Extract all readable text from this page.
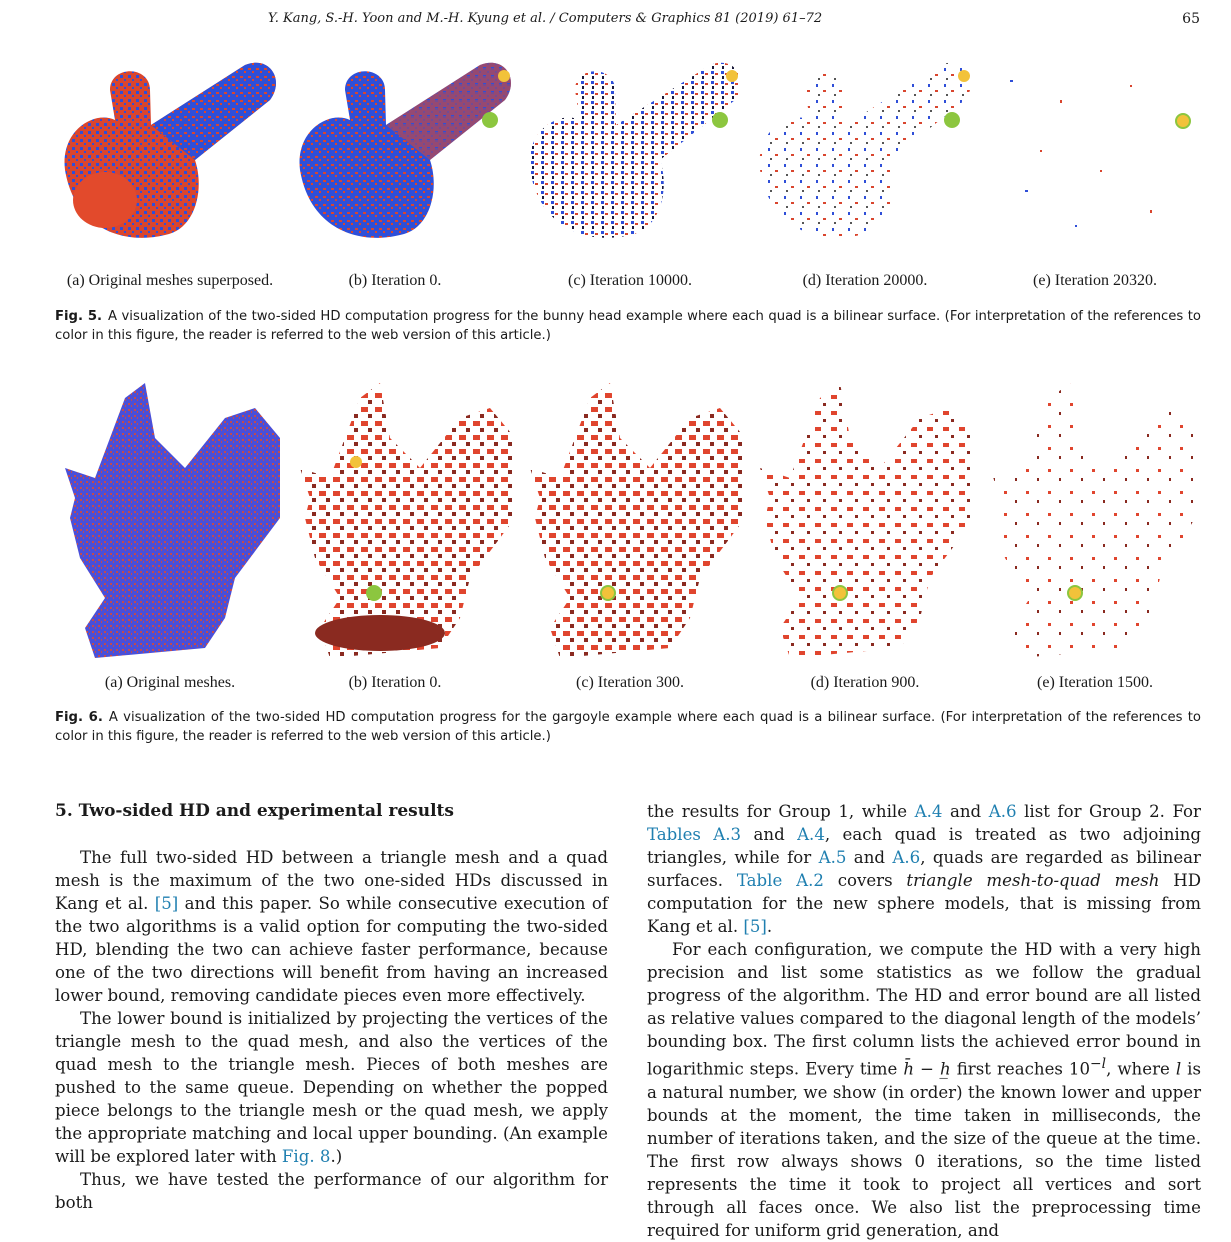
Y. Kang, S.-H. Yoon and M.-H. Kyung et al. / Computers & Graphics 81 (2019) 61–72	65
(a) Original meshes superposed.	(b) Iteration 0.	(c) Iteration 10000.	(d) Iteration 20000.	(e) Iteration 20320.
Fig. 5. A visualization of the two-sided HD computation progress for the bunny head example where each quad is a bilinear surface. (For interpretation of the references to color in this figure, the reader is referred to the web version of this article.)
(a) Original meshes.	(b) Iteration 0.	(c) Iteration 300.	(d) Iteration 900.	(e) Iteration 1500.
Fig. 6. A visualization of the two-sided HD computation progress for the gargoyle example where each quad is a bilinear surface. (For interpretation of the references to color in this figure, the reader is referred to the web version of this article.)
5. Two-sided HD and experimental results

The full two-sided HD between a triangle mesh and a quad mesh is the maximum of the two one-sided HDs discussed in Kang et al. [5] and this paper. So while consecutive execution of the two algorithms is a valid option for computing the two-sided HD, blending the two can achieve faster performance, because one of the two directions will benefit from having an increased lower bound, removing candidate pieces even more effectively.

The lower bound is initialized by projecting the vertices of the triangle mesh to the quad mesh, and also the vertices of the quad mesh to the triangle mesh. Pieces of both meshes are pushed to the same queue. Depending on whether the popped piece belongs to the triangle mesh or the quad mesh, we apply the appropriate matching and local upper bounding. (An example will be explored later with Fig. 8.)

Thus, we have tested the performance of our algorithm for both

the results for Group 1, while A.4 and A.6 list for Group 2. For Tables A.3 and A.4, each quad is treated as two adjoining triangles, while for A.5 and A.6, quads are regarded as bilinear surfaces. Table A.2 covers triangle mesh-to-quad mesh HD computation for the new sphere models, that is missing from Kang et al. [5].

For each configuration, we compute the HD with a very high precision and list some statistics as we follow the gradual progress of the algorithm. The HD and error bound are all listed as relative values compared to the diagonal length of the models’ bounding box. The first column lists the achieved error bound in logarithmic steps. Every time h̄ − h̲ first reaches $10^{-l}$, where l is a natural number, we show (in order) the known lower and upper bounds at the moment, the time taken in milliseconds, the number of iterations taken, and the size of the queue at the time. The first row always shows 0 iterations, so the time listed represents the time it took to project all vertices and sort through all faces once. We also list the preprocessing time required for uniform grid generation, and
